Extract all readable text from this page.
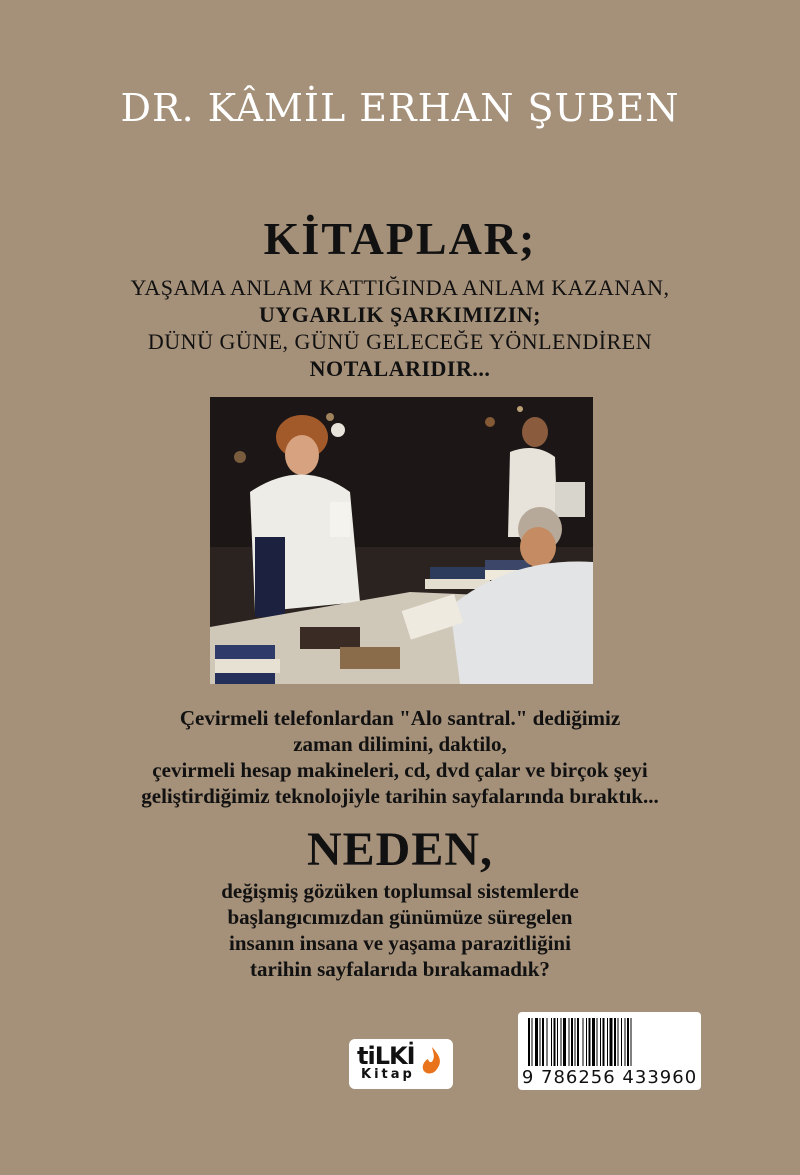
DR. KÂMİL ERHAN ŞUBEN
KİTAPLAR;
YAŞAMA ANLAM KATTIĞINDA ANLAM KAZANAN,
UYGARLIK ŞARKIMIZIN;
DÜNÜ GÜNE, GÜNÜ GELECEĞE YÖNLENDİREN
NOTALARIDIR...
Çevirmeli telefonlardan "Alo santral." dediğimiz
zaman dilimini, daktilo,
çevirmeli hesap makineleri, cd, dvd çalar ve birçok şeyi
geliştirdiğimiz teknolojiyle tarihin sayfalarında bıraktık...
NEDEN,
değişmiş gözüken toplumsal sistemlerde
başlangıcımızdan günümüze süregelen
insanın insana ve yaşama parazitliğini
tarihin sayfalarıda bırakamadık?
tiLKİ
Kitap	9 786256 433960
